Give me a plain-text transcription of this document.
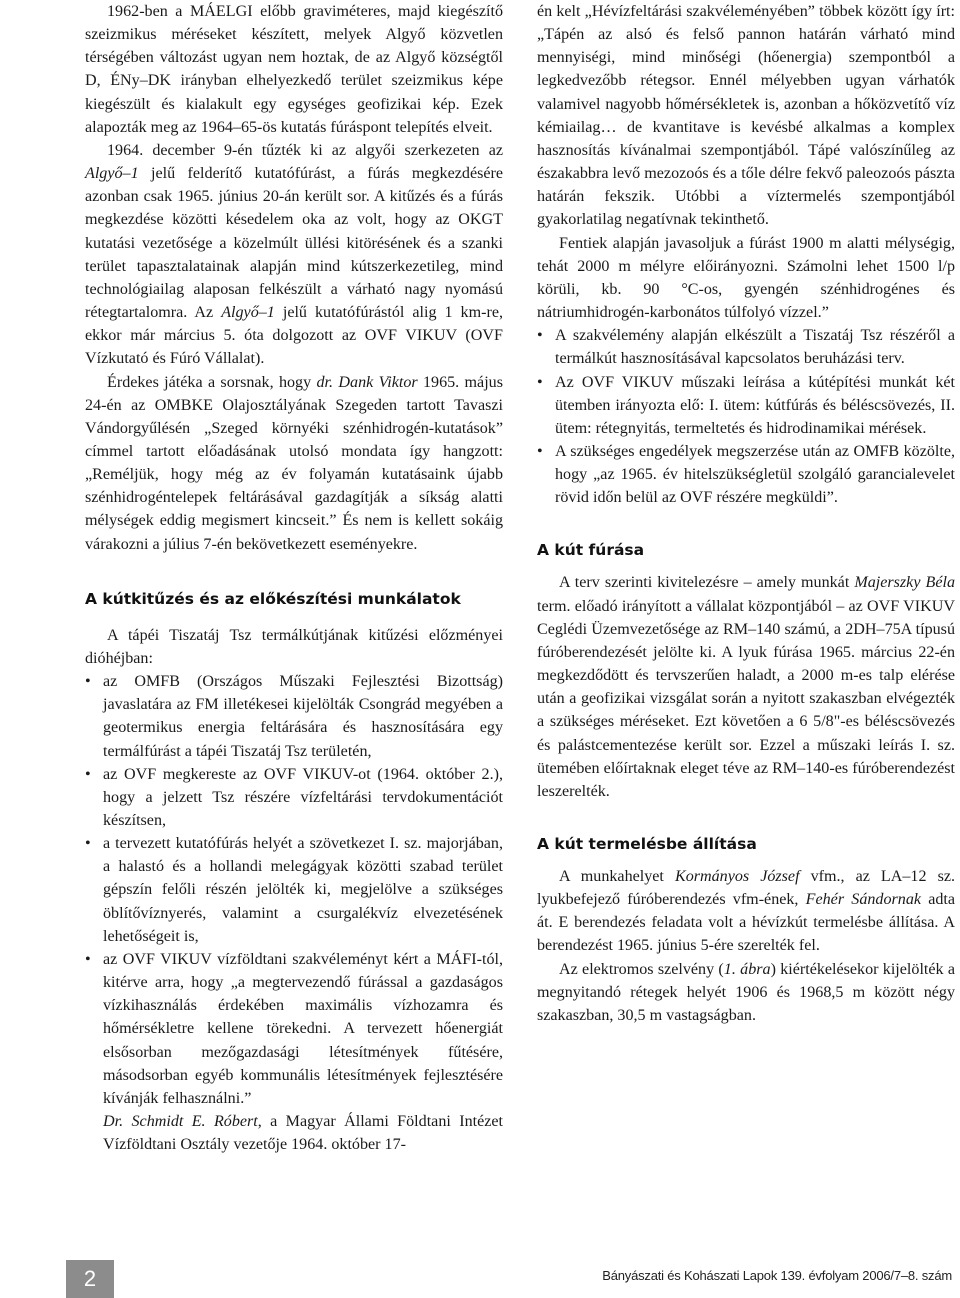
1962-ben a MÁELGI előbb graviméteres, majd kiegészítő szeizmikus méréseket készített, melyek Algyő közvetlen térségében változást ugyan nem hoztak, de az Algyő községtől D, ÉNy–DK irányban elhelyezkedő terület szeizmikus képe kiegészült és kialakult egy egységes geofizikai kép. Ezek alapozták meg az 1964–65-ös kutatás fúráspont telepítés elveit.

1964. december 9-én tűzték ki az algyői szerkezeten az Algyő–1 jelű felderítő kutatófúrást, a fúrás megkezdésére azonban csak 1965. június 20-án került sor. A kitűzés és a fúrás megkezdése közötti késedelem oka az volt, hogy az OKGT kutatási vezetősége a közelmúlt üllési kitörésének és a szanki terület tapasztalatainak alapján mind kútszerkezetileg, mind technológiailag alaposan felkészült a várható nagy nyomású rétegtartalomra. Az Algyő–1 jelű kutatófúrástól alig 1 km-re, ekkor már március 5. óta dolgozott az OVF VIKUV (OVF Vízkutató és Fúró Vállalat).

Érdekes játéka a sorsnak, hogy dr. Dank Viktor 1965. május 24-én az OMBKE Olajosztályának Szegeden tartott Tavaszi Vándorgyűlésén „Szeged környéki szénhidrogén-kutatások” címmel tartott előadásának utolsó mondata így hangzott: „Reméljük, hogy még az év folyamán kutatásaink újabb szénhidrogéntelepek feltárásával gazdagítják a síkság alatti mélységek eddig megismert kincseit.” És nem is kellett sokáig várakozni a július 7-én bekövetkezett eseményekre.

A kútkitűzés és az előkészítési munkálatok

A tápéi Tiszatáj Tsz termálkútjának kitűzési előzményei dióhéjban:

• az OMFB (Országos Műszaki Fejlesztési Bizottság) javaslatára az FM illetékesei kijelölták Csongrád megyében a geotermikus energia feltárására és hasznosítására egy termálfúrást a tápéi Tiszatáj Tsz területén,
• az OVF megkereste az OVF VIKUV-ot (1964. október 2.), hogy a jelzett Tsz részére vízfeltárási tervdokumentációt készítsen,
• a tervezett kutatófúrás helyét a szövetkezet I. sz. majorjában, a halastó és a hollandi melegágyak közötti szabad terület gépszín felőli részén jelölték ki, megjelölve a szükséges öblítővíznyerés, valamint a csurgalékvíz elvezetésének lehetőségeit is,
• az OVF VIKUV vízföldtani szakvéleményt kért a MÁFI-tól, kitérve arra, hogy „a megtervezendő fúrással a gazdaságos vízkihasználás érdekében maximális vízhozamra és hőmérsékletre kellene törekedni. A tervezett hőenergiát elsősorban mezőgazdasági létesítmények fűtésére, másodsorban egyéb kommunális létesítmények fejlesztésére kívánják felhasználni.”
Dr. Schmidt E. Róbert, a Magyar Állami Földtani Intézet Vízföldtani Osztály vezetője 1964. október 17-

én kelt „Hévízfeltárási szakvéleményében” többek között így írt: „Tápén az alsó és felső pannon határán várható mind mennyiségi, mind minőségi (hőenergia) szempontból a legkedvezőbb rétegsor. Ennél mélyebben ugyan várhatók valamivel nagyobb hőmérsékletek is, azonban a hőközvetítő víz kémiailag… de kvantitave is kevésbé alkalmas a komplex hasznosítás kívánalmai szempontjából. Tápé valószínűleg az északabbra levő mezozoós és a tőle délre fekvő paleozoós pászta határán fekszik. Utóbbi a víztermelés szempontjából gyakorlatilag negatívnak tekinthető.

Fentiek alapján javasoljuk a fúrást 1900 m alatti mélységig, tehát 2000 m mélyre előirányozni. Számolni lehet 1500 l/p körüli, kb. 90 °C-os, gyengén szénhidrogénes és nátriumhidrogén-karbonátos túlfolyó vízzel.”

• A szakvélemény alapján elkészült a Tiszatáj Tsz részéről a termálkút hasznosításával kapcsolatos beruházási terv.
• Az OVF VIKUV műszaki leírása a kútépítési munkát két ütemben irányozta elő: I. ütem: kútfúrás és béléscsövezés, II. ütem: rétegnyitás, termeltetés és hidrodinamikai mérések.
• A szükséges engedélyek megszerzése után az OMFB közölte, hogy „az 1965. év hitelszükségletül szolgáló garancialevelet rövid időn belül az OVF részére megküldi”.
A kút fúrása

A terv szerinti kivitelezésre – amely munkát Majerszky Béla term. előadó irányított a vállalat központjából – az OVF VIKUV Ceglédi Üzemvezetősége az RM–140 számú, a 2DH–75A típusú fúróberendezését jelölte ki. A lyuk fúrása 1965. március 22-én megkezdődött és tervszerűen haladt, a 2000 m-es talp elérése után a geofizikai vizsgálat során a nyitott szakaszban elvégezték a szükséges méréseket. Ezt követően a 6 5/8"-es béléscsövezés és palástcementezése került sor. Ezzel a műszaki leírás I. sz. ütemében előírtaknak eleget téve az RM–140-es fúróberendezést leszerelték.

A kút termelésbe állítása

A munkahelyet Kormányos József vfm., az LA–12 sz. lyukbefejező fúróberendezés vfm-ének, Fehér Sándornak adta át. E berendezés feladata volt a hévízkút termelésbe állítása. A berendezést 1965. június 5-ére szerelték fel.

Az elektromos szelvény (1. ábra) kiértékelésekor kijelölték a megnyitandó rétegek helyét 1906 és 1968,5 m között négy szakaszban, 30,5 m vastagságban.

2	Bányászati és Kohászati Lapok 139. évfolyam 2006/7–8. szám
